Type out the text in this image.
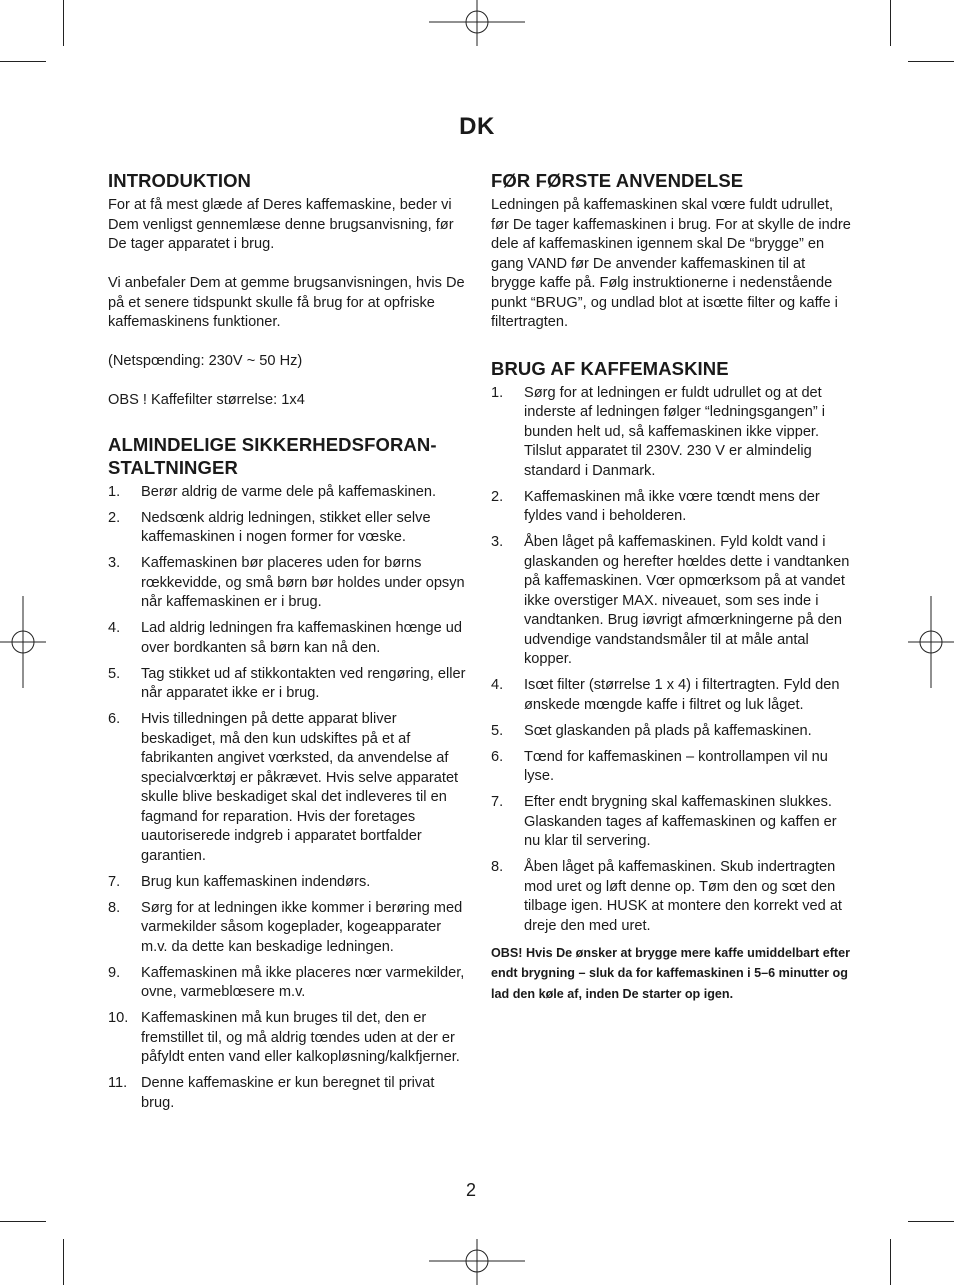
DK
INTRODUKTION

For at få mest glæde af Deres kaffemaskine, beder vi Dem venligst gennemlæse denne brugsanvisning, før De tager apparatet i brug.

Vi anbefaler Dem at gemme brugsanvisningen, hvis De på et senere tidspunkt skulle få brug for at opfriske kaffemaskinens funktioner.

(Netspœnding: 230V ~ 50 Hz)

OBS ! Kaffefilter størrelse: 1x4

ALMINDELIGE SIKKERHEDSFORAN-
STALTNINGER
1. Berør aldrig de varme dele på kaffemaskinen.
2. Nedsœnk aldrig ledningen, stikket eller selve kaffemaskinen i nogen former for vœske.
3. Kaffemaskinen bør placeres uden for børns rœkkevidde, og små børn bør holdes under opsyn når kaffemaskinen er i brug.
4. Lad aldrig ledningen fra kaffemaskinen hœnge ud over bordkanten så børn kan nå den.
5. Tag stikket ud af stikkontakten ved rengøring, eller når apparatet ikke er i brug.
6. Hvis tilledningen på dette apparat bliver beskadiget, må den kun udskiftes på et af fabrikanten angivet vœrksted, da anvendelse af specialvœrktøj er påkrævet. Hvis selve apparatet skulle blive beskadiget skal det indleveres til en fagmand for reparation. Hvis der foretages uautoriserede indgreb i apparatet bortfalder garantien.
7. Brug kun kaffemaskinen indendørs.
8. Sørg for at ledningen ikke kommer i berøring med varmekilder såsom kogeplader, kogeapparater m.v. da dette kan beskadige ledningen.
9. Kaffemaskinen må ikke placeres nœr varmekilder, ovne, varmeblœsere m.v.
10. Kaffemaskinen må kun bruges til det, den er fremstillet til, og må aldrig tœndes uden at der er påfyldt enten vand eller kalkopløsning/kalkfjerner.
11. Denne kaffemaskine er kun beregnet til privat brug.
FØR FØRSTE ANVENDELSE

Ledningen på kaffemaskinen skal vœre fuldt udrullet, før De tager kaffemaskinen i brug. For at skylle de indre dele af kaffemaskinen igennem skal De “brygge” en gang VAND før De anvender kaffemaskinen til at brygge kaffe på. Følg instruktionerne i nedenstående punkt “BRUG”, og undlad blot at isœtte filter og kaffe i filtertragten.

BRUG AF KAFFEMASKINE
1. Sørg for at ledningen er fuldt udrullet og at det inderste af ledningen følger “ledningsgangen” i bunden helt ud, så kaffemaskinen ikke vipper. Tilslut apparatet til 230V. 230 V er almindelig standard i Danmark.
2. Kaffemaskinen må ikke vœre tœndt mens der fyldes vand i beholderen.
3. Åben låget på kaffemaskinen. Fyld koldt vand i glaskanden og herefter hœldes dette i vandtanken på kaffemaskinen. Vœr opmœrksom på at vandet ikke overstiger MAX. niveauet, som ses inde i vandtanken. Brug iøvrigt afmœrkningerne på den udvendige vandstandsmåler til at måle antal kopper.
4. Isœt filter (størrelse 1 x 4) i filtertragten. Fyld den ønskede mœngde kaffe i filtret og luk låget.
5. Sœt glaskanden på plads på kaffemaskinen.
6. Tœnd for kaffemaskinen – kontrollampen vil nu lyse.
7. Efter endt brygning skal kaffemaskinen slukkes. Glaskanden tages af kaffemaskinen og kaffen er nu klar til servering.
8. Åben låget på kaffemaskinen. Skub indertragten mod uret og løft denne op. Tøm den og sœt den tilbage igen. HUSK at montere den korrekt ved at dreje den med uret.

OBS! Hvis De ønsker at brygge mere kaffe umiddelbart efter endt brygning – sluk da for kaffemaskinen i 5–6 minutter og lad den køle af, inden De starter op igen.

2
